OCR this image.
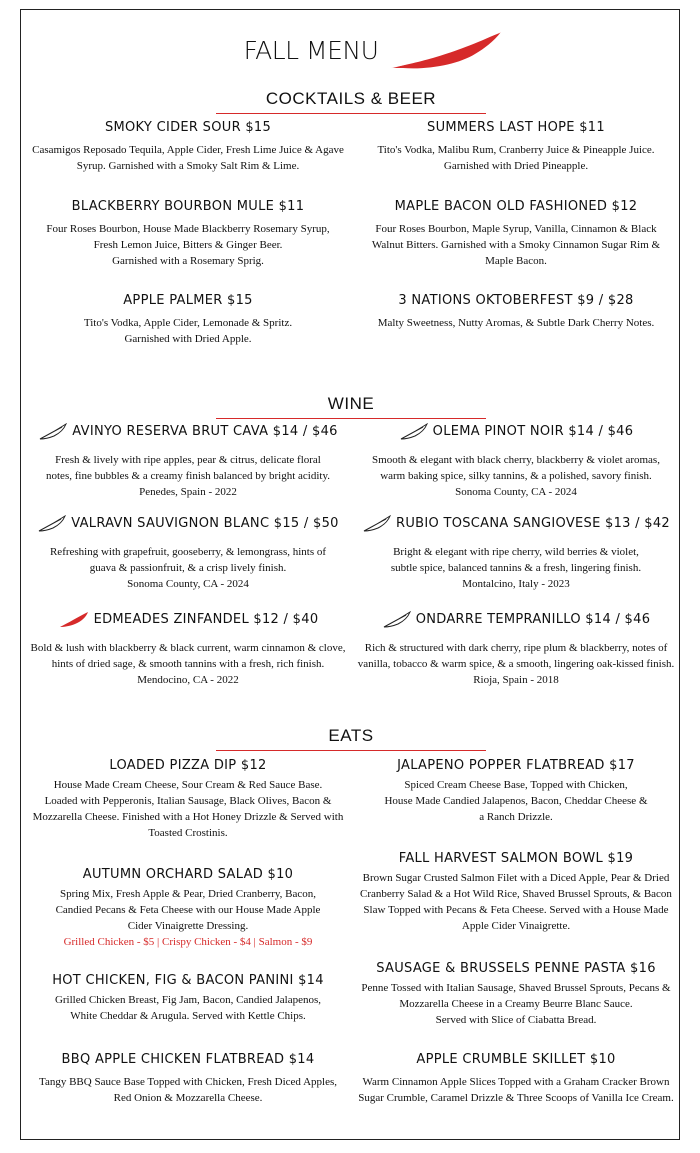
FALL MENU
COCKTAILS & BEER
SMOKY CIDER SOUR $15
Casamigos Reposado Tequila, Apple Cider, Fresh Lime Juice & Agave
Syrup. Garnished with a Smoky Salt Rim & Lime.
SUMMERS LAST HOPE $11
Tito's Vodka, Malibu Rum, Cranberry Juice & Pineapple Juice.
Garnished with Dried Pineapple.
BLACKBERRY BOURBON MULE $11
Four Roses Bourbon, House Made Blackberry Rosemary Syrup,
Fresh Lemon Juice, Bitters & Ginger Beer.
Garnished with a Rosemary Sprig.
MAPLE BACON OLD FASHIONED $12
Four Roses Bourbon, Maple Syrup, Vanilla, Cinnamon & Black
Walnut Bitters. Garnished with a Smoky Cinnamon Sugar Rim &
Maple Bacon.
APPLE PALMER $15
Tito's Vodka, Apple Cider, Lemonade & Spritz.
Garnished with Dried Apple.
3 NATIONS OKTOBERFEST $9 / $28
Malty Sweetness, Nutty Aromas, & Subtle Dark Cherry Notes.
WINE
AVINYO RESERVA BRUT CAVA $14 / $46
Fresh & lively with ripe apples, pear & citrus, delicate floral
notes, fine bubbles & a creamy finish balanced by bright acidity.
Penedes, Spain - 2022
OLEMA PINOT NOIR $14 / $46
Smooth & elegant with black cherry, blackberry & violet aromas,
warm baking spice, silky tannins, & a polished, savory finish.
Sonoma County, CA - 2024
VALRAVN SAUVIGNON BLANC $15 / $50
Refreshing with grapefruit, gooseberry, & lemongrass, hints of
guava & passionfruit, & a crisp lively finish.
Sonoma County, CA - 2024
RUBIO TOSCANA SANGIOVESE $13 / $42
Bright & elegant with ripe cherry, wild berries & violet,
subtle spice, balanced tannins & a fresh, lingering finish.
Montalcino, Italy - 2023
EDMEADES ZINFANDEL $12 / $40
Bold & lush with blackberry & black current, warm cinnamon & clove,
hints of dried sage, & smooth tannins with a fresh, rich finish.
Mendocino, CA - 2022
ONDARRE TEMPRANILLO $14 / $46
Rich & structured with dark cherry, ripe plum & blackberry, notes of
vanilla, tobacco & warm spice, & a smooth, lingering oak-kissed finish.
Rioja, Spain - 2018
EATS
LOADED PIZZA DIP $12
House Made Cream Cheese, Sour Cream & Red Sauce Base.
Loaded with Pepperonis, Italian Sausage, Black Olives, Bacon &
Mozzarella Cheese. Finished with a Hot Honey Drizzle & Served with
Toasted Crostinis.
JALAPENO POPPER FLATBREAD $17
Spiced Cream Cheese Base, Topped with Chicken,
House Made Candied Jalapenos, Bacon, Cheddar Cheese &
a Ranch Drizzle.
AUTUMN ORCHARD SALAD $10
Spring Mix, Fresh Apple & Pear, Dried Cranberry, Bacon,
Candied Pecans & Feta Cheese with our House Made Apple
Cider Vinaigrette Dressing.
Grilled Chicken - $5 | Crispy Chicken - $4 | Salmon - $9
FALL HARVEST SALMON BOWL $19
Brown Sugar Crusted Salmon Filet with a Diced Apple, Pear & Dried
Cranberry Salad & a Hot Wild Rice, Shaved Brussel Sprouts, & Bacon
Slaw Topped with Pecans & Feta Cheese. Served with a House Made
Apple Cider Vinaigrette.
HOT CHICKEN, FIG & BACON PANINI $14
Grilled Chicken Breast, Fig Jam, Bacon, Candied Jalapenos,
White Cheddar & Arugula. Served with Kettle Chips.
SAUSAGE & BRUSSELS PENNE PASTA $16
Penne Tossed with Italian Sausage, Shaved Brussel Sprouts, Pecans &
Mozzarella Cheese in a Creamy Beurre Blanc Sauce.
Served with Slice of Ciabatta Bread.
BBQ APPLE CHICKEN FLATBREAD $14
Tangy BBQ Sauce Base Topped with Chicken, Fresh Diced Apples,
Red Onion & Mozzarella Cheese.
APPLE CRUMBLE SKILLET $10
Warm Cinnamon Apple Slices Topped with a Graham Cracker Brown
Sugar Crumble, Caramel Drizzle & Three Scoops of Vanilla Ice Cream.
